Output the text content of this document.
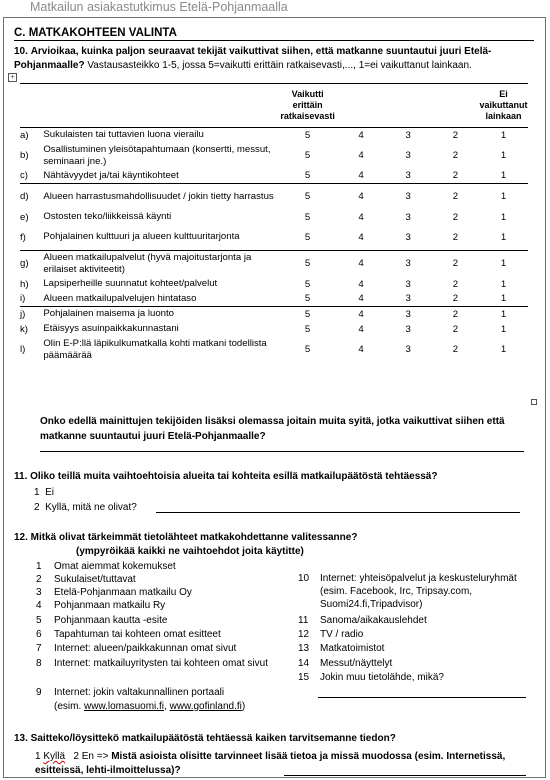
Matkailun asiakastutkimus Etelä-Pohjanmaalla
C. MATKAKOHTEEN VALINTA
10. Arvioikaa, kuinka paljon seuraavat tekijät vaikuttivat siihen, että matkanne suuntautui juuri Etelä-Pohjanmaalle? Vastausasteikko 1-5, jossa 5=vaikutti erittäin ratkaisevasti,..., 1=ei vaikuttanut lainkaan.
+
		Vaikutti erittäin ratkaisevasti				Ei vaikuttanut lainkaan
a)	Sukulaisten tai tuttavien luona vierailu	5	4	3	2	1
b)	Osallistuminen yleisötapahtumaan (konsertti, messut, seminaari jne.)	5	4	3	2	1
c)	Nähtävyydet ja/tai käyntikohteet	5	4	3	2	1
d)	Alueen harrastusmahdollisuudet / jokin tietty harrastus	5	4	3	2	1
e)	Ostosten teko/liikkeissä käynti	5	4	3	2	1
f)	Pohjalainen kulttuuri ja alueen kulttuuritarjonta	5	4	3	2	1
g)	Alueen matkailupalvelut (hyvä majoitustarjonta ja erilaiset aktiviteetit)	5	4	3	2	1
h)	Lapsiperheille suunnatut kohteet/palvelut	5	4	3	2	1
i)	Alueen matkailupalvelujen hintataso	5	4	3	2	1
j)	Pohjalainen maisema ja luonto	5	4	3	2	1
k)	Etäisyys asuinpaikkakunnastani	5	4	3	2	1
l)	Olin E-P:llä läpikulkumatkalla kohti matkani todellista päämäärää	5	4	3	2	1
Onko edellä mainittujen tekijöiden lisäksi olemassa joitain muita syitä, jotka vaikuttivat siihen että matkanne suuntautui juuri Etelä-Pohjanmaalle?
11. Oliko teillä muita vaihtoehtoisia alueita tai kohteita esillä matkailupäätöstä tehtäessä?
1 Ei
2 Kyllä, mitä ne olivat?
12. Mitkä olivat tärkeimmät tietolähteet matkakohdettanne valitessanne?
(ympyröikää kaikki ne vaihtoehdot joita käytitte)
1 Omat aiemmat kokemukset
2 Sukulaiset/tuttavat
3 Etelä-Pohjanmaan matkailu Oy
4 Pohjanmaan matkailu Ry
5 Pohjanmaan kautta -esite
6 Tapahtuman tai kohteen omat esitteet
7 Internet: alueen/paikkakunnan omat sivut
8 Internet: matkailuyritysten tai kohteen omat sivut
9 Internet: jokin valtakunnallinen portaali
(esim. www.lomasuomi.fi, www.gofinland.fi)
10 Internet: yhteisöpalvelut ja keskusteluryhmät (esim. Facebook, Irc, Tripsay.com, Suomi24.fi,Tripadvisor)
11 Sanoma/aikakauslehdet
12 TV / radio
13 Matkatoimistot
14 Messut/näyttelyt
15 Jokin muu tietolähde, mikä?
13. Saitteko/löysittekö matkailupäätöstä tehtäessä kaiken tarvitsemanne tiedon?
1 Kyllä 2 En => Mistä asioista olisitte tarvinneet lisää tietoa ja missä muodossa (esim. Internetissä, esitteissä, lehti-ilmoittelussa)?
